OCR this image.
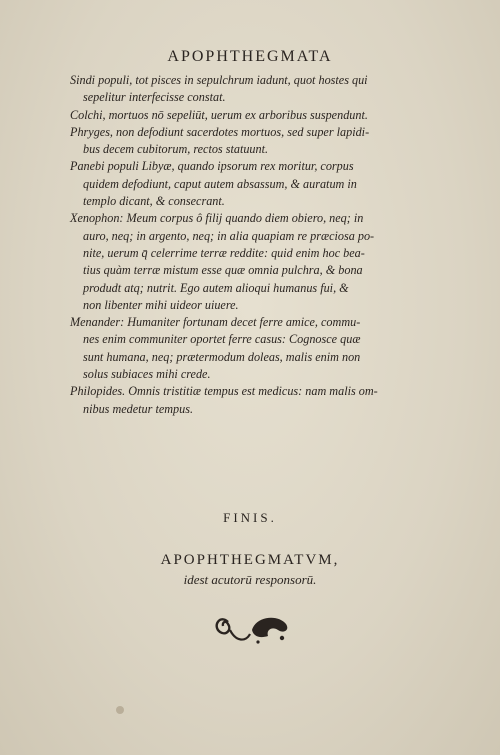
APOPHTHEGMATA
Sindi populi, tot pisces in sepulchrum iadunt, quot hostes qui
sepelitur interfecisse constat.
Colchi, mortuos nō sepeliūt, uerum ex arboribus suspendunt.
Phryges, non defodiunt sacerdotes mortuos, sed super lapidi-
bus decem cubitorum, rectos statuunt.
Panebi populi Libyæ, quando ipsorum rex moritur, corpus
quidem defodiunt, caput autem absassum, & auratum in
templo dicant, & consecrant.
Xenophon: Meum corpus ô filij quando diem obiero, neq; in
auro, neq; in argento, neq; in alia quapiam re præciosa po-
nite, uerum q̄ celerrime terræ reddite: quid enim hoc bea-
tius quàm terræ mistum esse quæ omnia pulchra, & bona
produdt atq; nutrit. Ego autem alioqui humanus fui, &
non libenter mihi uideor uiuere.
Menander: Humaniter fortunam decet ferre amice, commu-
nes enim communiter oportet ferre casus: Cognosce quæ
sunt humana, neq; prætermodum doleas, malis enim non
solus subiaces mihi crede.
Philopides. Omnis tristitiæ tempus est medicus: nam malis om-
nibus medetur tempus.
FINIS.
APOPHTHEGMATVM,
idest acutorū responsorū.
